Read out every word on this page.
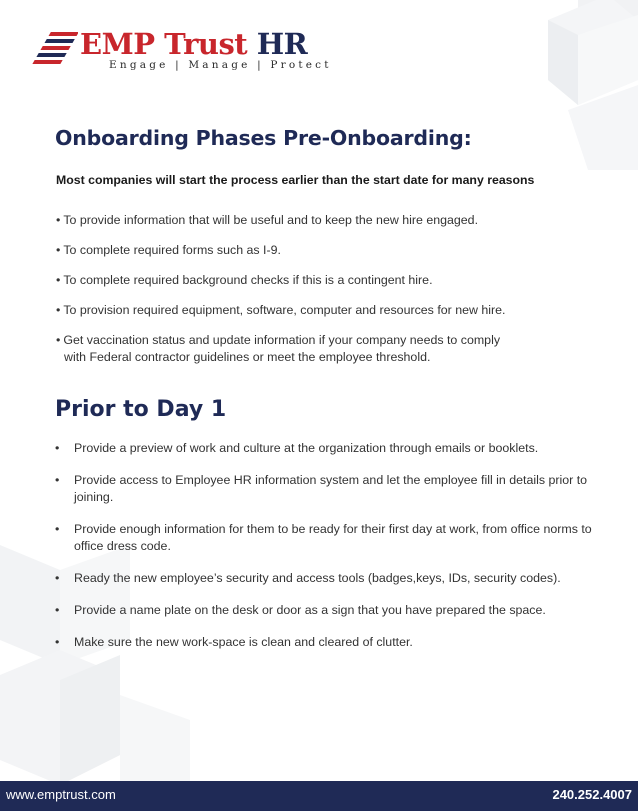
EMP Trust HR
Engage | Manage | Protect
Onboarding Phases Pre-Onboarding:
Most companies will start the process earlier than the start date for many reasons
• To provide information that will be useful and to keep the new hire engaged.
• To complete required forms such as I-9.
• To complete required background checks if this is a contingent hire.
• To provision required equipment, software, computer and resources for new hire.
• Get vaccination status and update information if your company needs to comply
with Federal contractor guidelines or meet the employee threshold.
Prior to Day 1
• Provide a preview of work and culture at the organization through emails or booklets.
• Provide access to Employee HR information system and let the employee fill in details prior to joining.
• Provide enough information for them to be ready for their first day at work, from office norms to office dress code.
• Ready the new employee’s security and access tools (badges,keys, IDs, security codes).
• Provide a name plate on the desk or door as a sign that you have prepared the space.
• Make sure the new work-space is clean and cleared of clutter.
www.emptrust.com	240.252.4007
